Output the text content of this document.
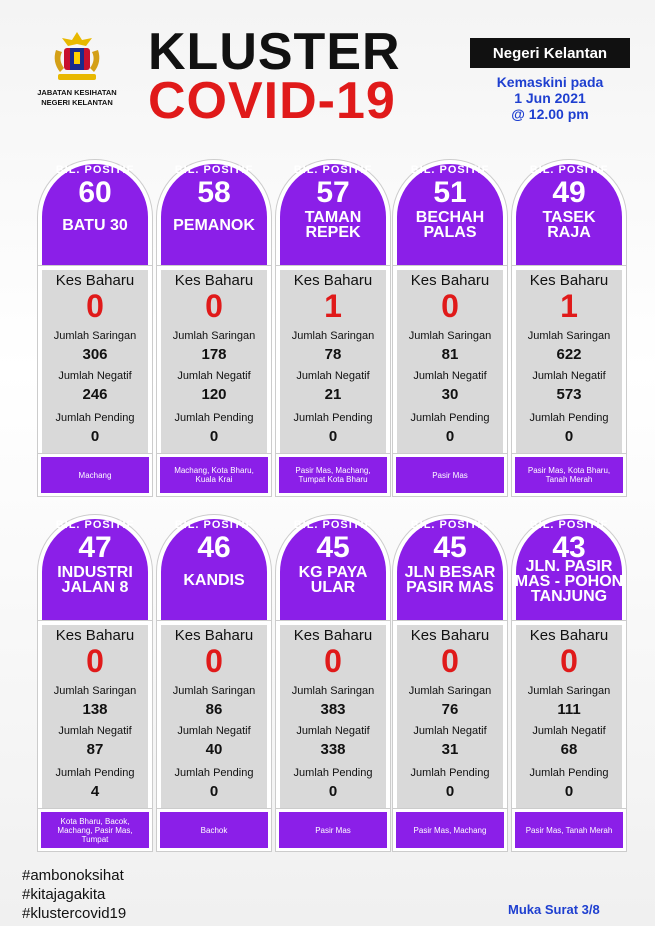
JABATAN KESIHATAN
NEGERI KELANTAN
KLUSTER
COVID-19
Negeri Kelantan
Kemaskini pada
1 Jun 2021
@ 12.00 pm
BIL. POSITIF
60
BATU 30
Kes Baharu
0
Jumlah Saringan
306
Jumlah Negatif
246
Jumlah Pending
0
Machang
BIL. POSITIF
58
PEMANOK
Kes Baharu
0
Jumlah Saringan
178
Jumlah Negatif
120
Jumlah Pending
0
Machang, Kota Bharu, Kuala Krai
BIL. POSITIF
57
TAMAN
REPEK
Kes Baharu
1
Jumlah Saringan
78
Jumlah Negatif
21
Jumlah Pending
0
Pasir Mas, Machang, Tumpat Kota Bharu
BIL. POSITIF
51
BECHAH
PALAS
Kes Baharu
0
Jumlah Saringan
81
Jumlah Negatif
30
Jumlah Pending
0
Pasir Mas
BIL. POSITIF
49
TASEK
RAJA
Kes Baharu
1
Jumlah Saringan
622
Jumlah Negatif
573
Jumlah Pending
0
Pasir Mas, Kota Bharu, Tanah Merah
BIL. POSITIF
47
INDUSTRI
JALAN 8
Kes Baharu
0
Jumlah Saringan
138
Jumlah Negatif
87
Jumlah Pending
4
Kota Bharu, Bacok, Machang, Pasir Mas, Tumpat
BIL. POSITIF
46
KANDIS
Kes Baharu
0
Jumlah Saringan
86
Jumlah Negatif
40
Jumlah Pending
0
Bachok
BIL. POSITIF
45
KG PAYA
ULAR
Kes Baharu
0
Jumlah Saringan
383
Jumlah Negatif
338
Jumlah Pending
0
Pasir Mas
BIL. POSITIF
45
JLN BESAR
PASIR MAS
Kes Baharu
0
Jumlah Saringan
76
Jumlah Negatif
31
Jumlah Pending
0
Pasir Mas, Machang
BIL. POSITIF
43
JLN. PASIR
MAS - POHON
TANJUNG
Kes Baharu
0
Jumlah Saringan
111
Jumlah Negatif
68
Jumlah Pending
0
Pasir Mas, Tanah Merah
#ambonoksihat
#kitajagakita
#klustercovid19	Muka Surat 3/8
